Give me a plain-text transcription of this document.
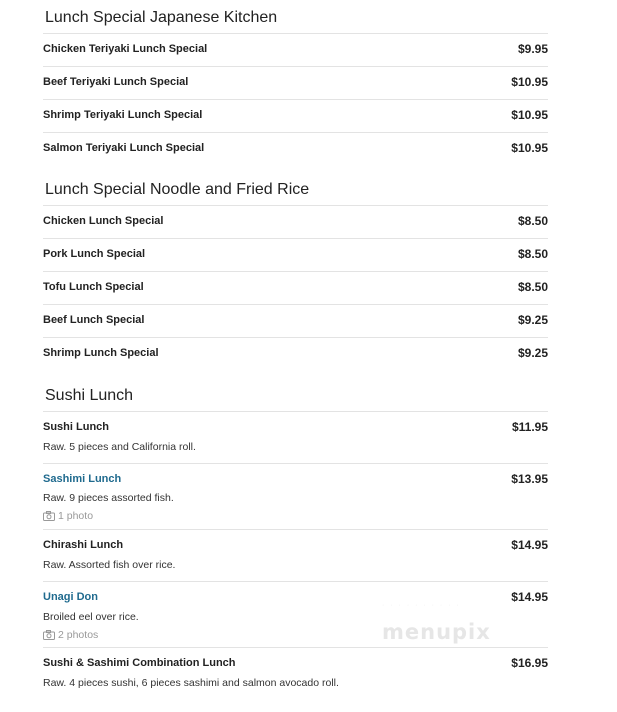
Lunch Special Japanese Kitchen
Chicken Teriyaki Lunch Special	$9.95
Beef Teriyaki Lunch Special	$10.95
Shrimp Teriyaki Lunch Special	$10.95
Salmon Teriyaki Lunch Special	$10.95
Lunch Special Noodle and Fried Rice
Chicken Lunch Special	$8.50
Pork Lunch Special	$8.50
Tofu Lunch Special	$8.50
Beef Lunch Special	$9.25
Shrimp Lunch Special	$9.25
Sushi Lunch
Sushi Lunch	$11.95
Raw. 5 pieces and California roll.
Sashimi Lunch	$13.95
Raw. 9 pieces assorted fish.
1 photo
Chirashi Lunch	$14.95
Raw. Assorted fish over rice.
Unagi Don	$14.95
Broiled eel over rice.
2 photos
Sushi & Sashimi Combination Lunch	$16.95
Raw. 4 pieces sushi, 6 pieces sashimi and salmon avocado roll.
· · · · · · · · · ·
menupix
